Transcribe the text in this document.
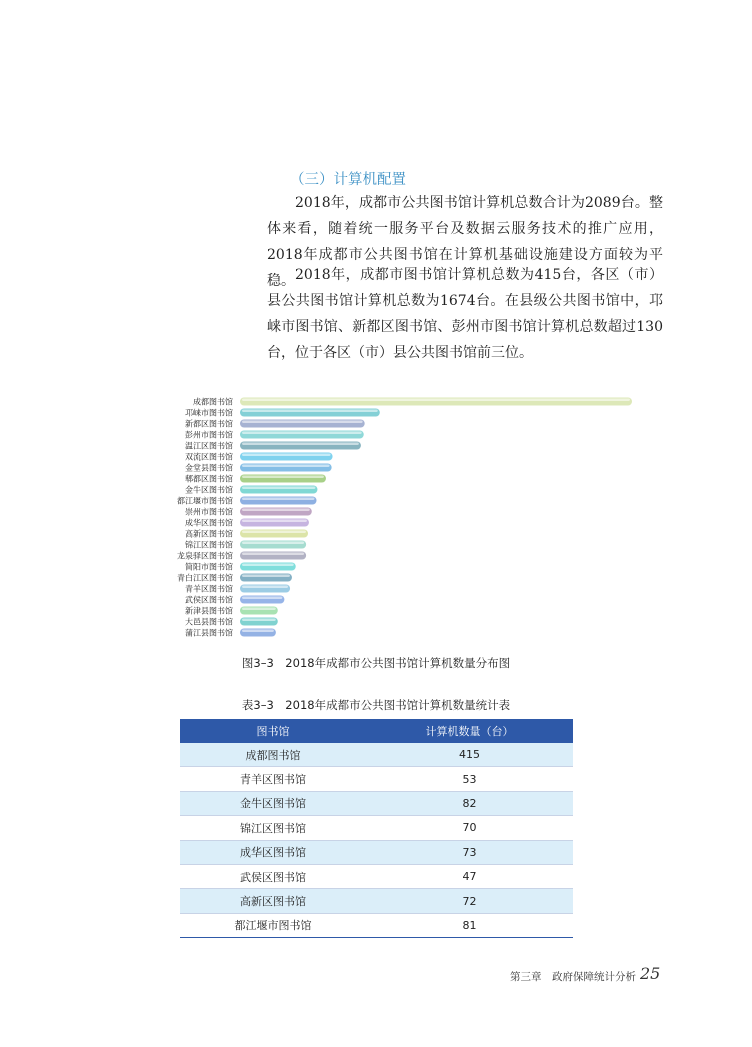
（三）计算机配置

2018年，成都市公共图书馆计算机总数合计为2089台。整体来看，随着统一服务平台及数据云服务技术的推广应用，2018年成都市公共图书馆在计算机基础设施建设方面较为平稳。 2018年，成都市图书馆计算机总数为415台，各区（市）县公共图书馆计算机总数为1674台。在县级公共图书馆中，邛崃市图书馆、新都区图书馆、彭州市图书馆计算机总数超过130台，位于各区（市）县公共图书馆前三位。

成都图书馆
邛崃市图书馆
新都区图书馆
彭州市图书馆
温江区图书馆
双流区图书馆
金堂县图书馆
郫都区图书馆
金牛区图书馆
都江堰市图书馆
崇州市图书馆
成华区图书馆
高新区图书馆
锦江区图书馆
龙泉驿区图书馆
简阳市图书馆
青白江区图书馆
青羊区图书馆
武侯区图书馆
新津县图书馆
大邑县图书馆
蒲江县图书馆
图3–3　2018年成都市公共图书馆计算机数量分布图
表3–3　2018年成都市公共图书馆计算机数量统计表
图书馆	计算机数量（台）
成都图书馆	415
青羊区图书馆	53
金牛区图书馆	82
锦江区图书馆	70
成华区图书馆	73
武侯区图书馆	47
高新区图书馆	72
都江堰市图书馆	81
第三章　政府保障统计分析 25
